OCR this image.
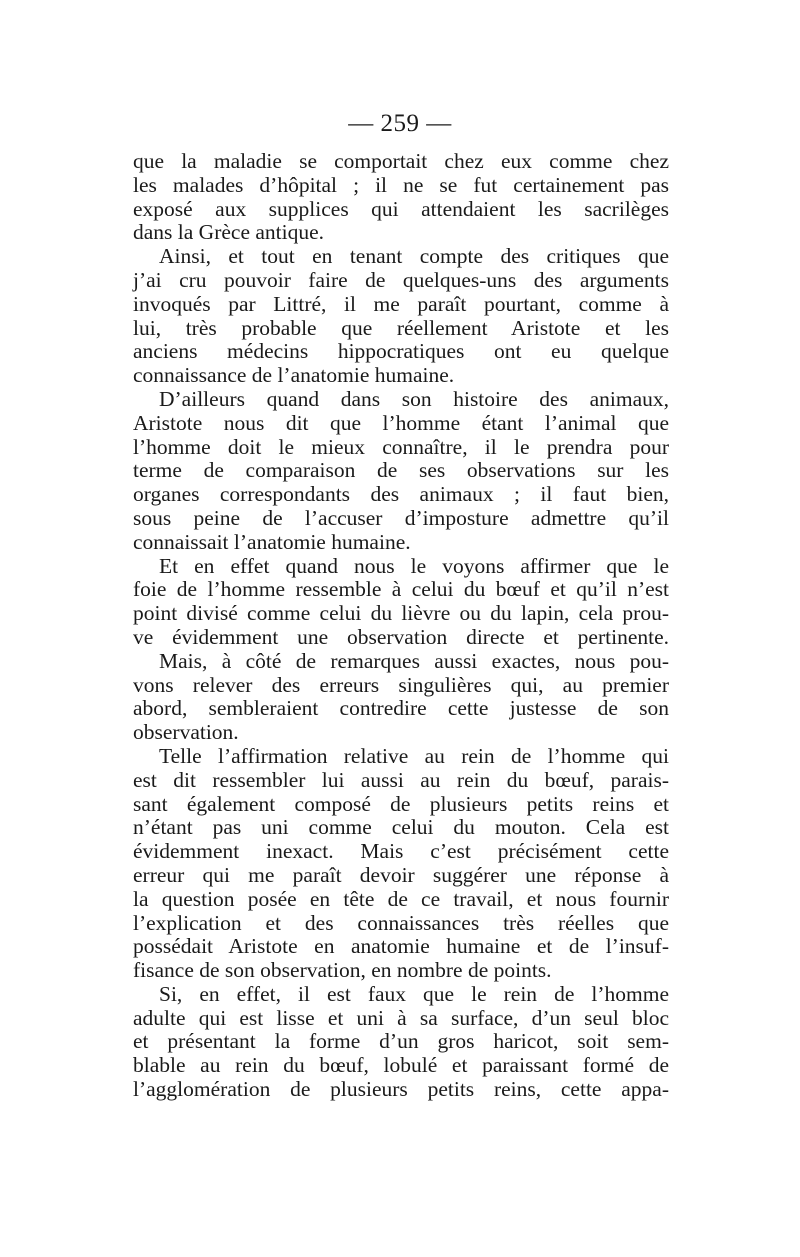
— 259 —
que la maladie se comportait chez eux comme chez
les malades d’hôpital ; il ne se fut certainement pas
exposé aux supplices qui attendaient les sacrilèges
dans la Grèce antique.
Ainsi, et tout en tenant compte des critiques que
j’ai cru pouvoir faire de quelques-uns des arguments
invoqués par Littré, il me paraît pourtant, comme à
lui, très probable que réellement Aristote et les
anciens médecins hippocratiques ont eu quelque
connaissance de l’anatomie humaine.
D’ailleurs quand dans son histoire des animaux,
Aristote nous dit que l’homme étant l’animal que
l’homme doit le mieux connaître, il le prendra pour
terme de comparaison de ses observations sur les
organes correspondants des animaux ; il faut bien,
sous peine de l’accuser d’imposture admettre qu’il
connaissait l’anatomie humaine.
Et en effet quand nous le voyons affirmer que le
foie de l’homme ressemble à celui du bœuf et qu’il n’est
point divisé comme celui du lièvre ou du lapin, cela prou-
ve évidemment une observation directe et pertinente.
Mais, à côté de remarques aussi exactes, nous pou-
vons relever des erreurs singulières qui, au premier
abord, sembleraient contredire cette justesse de son
observation.
Telle l’affirmation relative au rein de l’homme qui
est dit ressembler lui aussi au rein du bœuf, parais-
sant également composé de plusieurs petits reins et
n’étant pas uni comme celui du mouton. Cela est
évidemment inexact. Mais c’est précisément cette
erreur qui me paraît devoir suggérer une réponse à
la question posée en tête de ce travail, et nous fournir
l’explication et des connaissances très réelles que
possédait Aristote en anatomie humaine et de l’insuf-
fisance de son observation, en nombre de points.
Si, en effet, il est faux que le rein de l’homme
adulte qui est lisse et uni à sa surface, d’un seul bloc
et présentant la forme d’un gros haricot, soit sem-
blable au rein du bœuf, lobulé et paraissant formé de
l’agglomération de plusieurs petits reins, cette appa-
